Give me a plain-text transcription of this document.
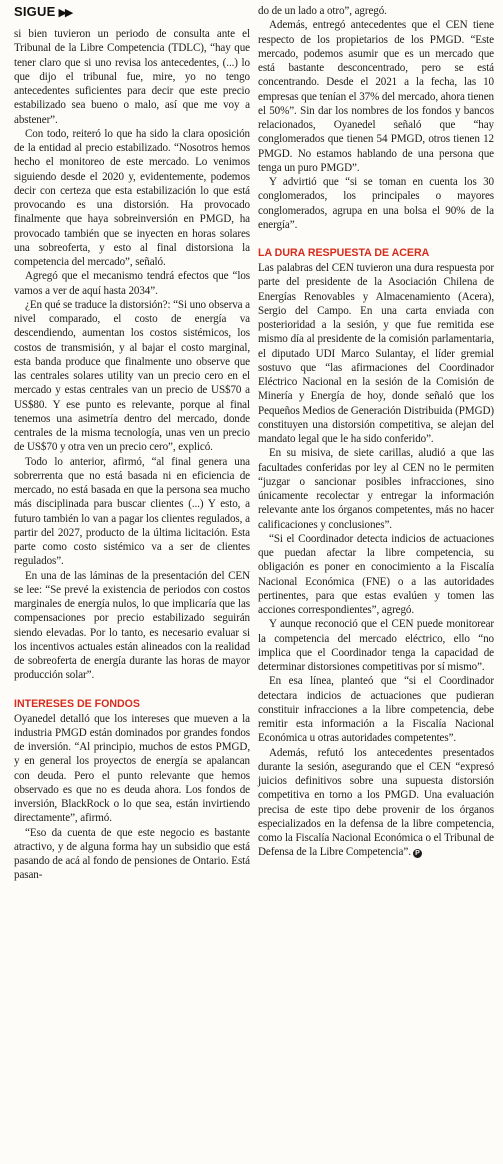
SIGUE ▶▶

si bien tuvieron un periodo de consulta ante el Tribunal de la Libre Competencia (TDLC), “hay que tener claro que si uno revisa los antecedentes, (...) lo que dijo el tribunal fue, mire, yo no tengo antecedentes suficientes para decir que este precio estabilizado sea bueno o malo, así que me voy a abstener”.

Con todo, reiteró lo que ha sido la clara oposición de la entidad al precio estabilizado. “Nosotros hemos hecho el monitoreo de este mercado. Lo venimos siguiendo desde el 2020 y, evidentemente, podemos decir con certeza que esta estabilización lo que está provocando es una distorsión. Ha provocado finalmente que haya sobreinversión en PMGD, ha provocado también que se inyecten en horas solares una sobreoferta, y esto al final distorsiona la competencia del mercado”, señaló.

Agregó que el mecanismo tendrá efectos que “los vamos a ver de aquí hasta 2034”.

¿En qué se traduce la distorsión?: “Si uno observa a nivel comparado, el costo de energía va descendiendo, aumentan los costos sistémicos, los costos de transmisión, y al bajar el costo marginal, esta banda produce que finalmente uno observe que las centrales solares utility van un precio cero en el mercado y estas centrales van un precio de US$70 a US$80. Y ese punto es relevante, porque al final tenemos una asimetría dentro del mercado, donde centrales de la misma tecnología, unas ven un precio de US$70 y otra ven un precio cero”, explicó.

Todo lo anterior, afirmó, “al final genera una sobrerrenta que no está basada ni en eficiencia de mercado, no está basada en que la persona sea mucho más disciplinada para buscar clientes (...) Y esto, a futuro también lo van a pagar los clientes regulados, a partir del 2027, producto de la última licitación. Esta parte como costo sistémico va a ser de clientes regulados”.

En una de las láminas de la presentación del CEN se lee: “Se prevé la existencia de periodos con costos marginales de energía nulos, lo que implicaría que las compensaciones por precio estabilizado seguirán siendo elevadas. Por lo tanto, es necesario evaluar si los incentivos actuales están alineados con la realidad de sobreoferta de energía durante las horas de mayor producción solar”.

INTERESES DE FONDOS

Oyanedel detalló que los intereses que mueven a la industria PMGD están dominados por grandes fondos de inversión. “Al principio, muchos de estos PMGD, y en general los proyectos de energía se apalancan con deuda. Pero el punto relevante que hemos observado es que no es deuda ahora. Los fondos de inversión, BlackRock o lo que sea, están invirtiendo directamente”, afirmó.

“Eso da cuenta de que este negocio es bastante atractivo, y de alguna forma hay un subsidio que está pasando de acá al fondo de pensiones de Ontario. Está pasan-

do de un lado a otro”, agregó.

Además, entregó antecedentes que el CEN tiene respecto de los propietarios de los PMGD. “Este mercado, podemos asumir que es un mercado que está bastante desconcentrado, pero se está concentrando. Desde el 2021 a la fecha, las 10 empresas que tenían el 37% del mercado, ahora tienen el 50%”. Sin dar los nombres de los fondos y bancos relacionados, Oyanedel señaló que “hay conglomerados que tienen 54 PMGD, otros tienen 12 PMGD. No estamos hablando de una persona que tenga un puro PMGD”.

Y advirtió que “si se toman en cuenta los 30 conglomerados, los principales o mayores conglomerados, agrupa en una bolsa el 90% de la energía”.

LA DURA RESPUESTA DE ACERA

Las palabras del CEN tuvieron una dura respuesta por parte del presidente de la Asociación Chilena de Energías Renovables y Almacenamiento (Acera), Sergio del Campo. En una carta enviada con posterioridad a la sesión, y que fue remitida ese mismo día al presidente de la comisión parlamentaria, el diputado UDI Marco Sulantay, el líder gremial sostuvo que “las afirmaciones del Coordinador Eléctrico Nacional en la sesión de la Comisión de Minería y Energía de hoy, donde señaló que los Pequeños Medios de Generación Distribuida (PMGD) constituyen una distorsión competitiva, se alejan del mandato legal que le ha sido conferido”.

En su misiva, de siete carillas, aludió a que las facultades conferidas por ley al CEN no le permiten “juzgar o sancionar posibles infracciones, sino únicamente recolectar y entregar la información relevante ante los órganos competentes, más no hacer calificaciones y conclusiones”.

“Si el Coordinador detecta indicios de actuaciones que puedan afectar la libre competencia, su obligación es poner en conocimiento a la Fiscalía Nacional Económica (FNE) o a las autoridades pertinentes, para que estas evalúen y tomen las acciones correspondientes”, agregó.

Y aunque reconoció que el CEN puede monitorear la competencia del mercado eléctrico, ello “no implica que el Coordinador tenga la capacidad de determinar distorsiones competitivas por sí mismo”.

En esa línea, planteó que “si el Coordinador detectara indicios de actuaciones que pudieran constituir infracciones a la libre competencia, debe remitir esta información a la Fiscalía Nacional Económica u otras autoridades competentes”.

Además, refutó los antecedentes presentados durante la sesión, asegurando que el CEN “expresó juicios definitivos sobre una supuesta distorsión competitiva en torno a los PMGD. Una evaluación precisa de este tipo debe provenir de los órganos especializados en la defensa de la libre competencia, como la Fiscalía Nacional Económica o el Tribunal de Defensa de la Libre Competencia”. P
